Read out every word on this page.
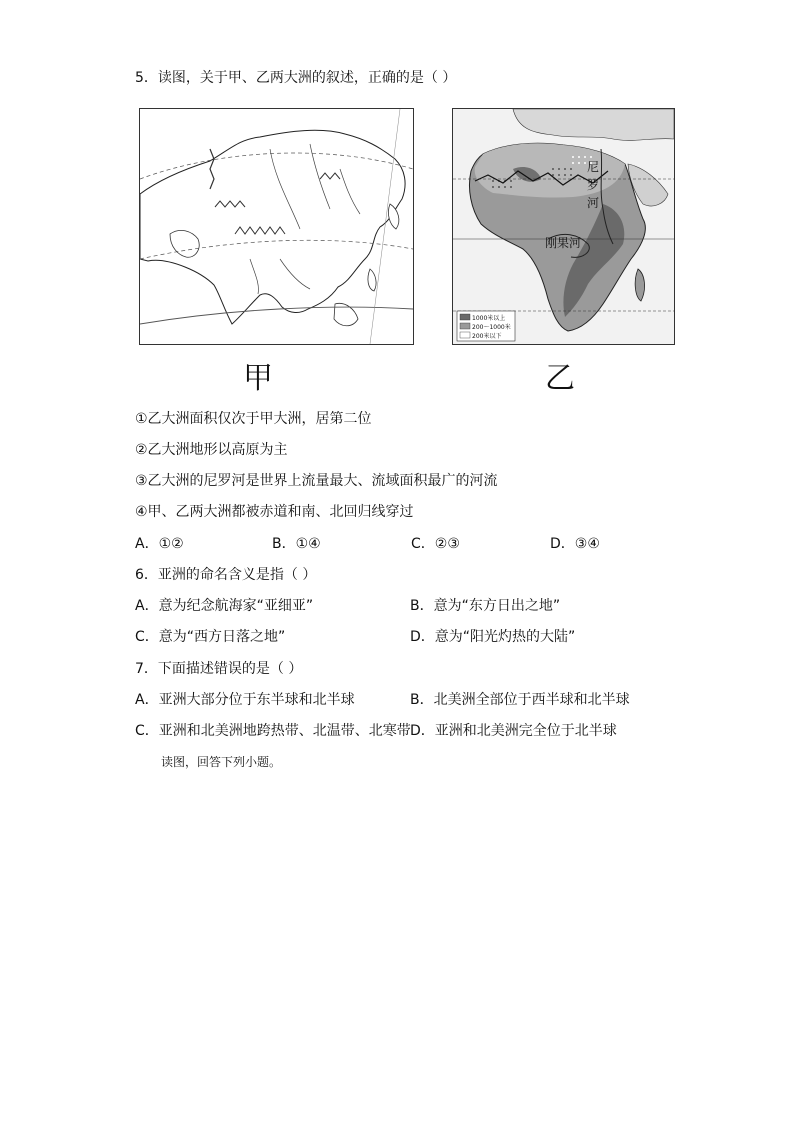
5．读图，关于甲、乙两大洲的叙述，正确的是（ ）
甲
尼
罗
河
刚果河
1000米以上
200～1000米
200米以下
乙
①乙大洲面积仅次于甲大洲，居第二位
②乙大洲地形以高原为主
③乙大洲的尼罗河是世界上流量最大、流域面积最广的河流
④甲、乙两大洲都被赤道和南、北回归线穿过
A．①②	B．①④	C．②③	D．③④
6．亚洲的命名含义是指（ ）
A．意为纪念航海家“亚细亚”	B．意为“东方日出之地”
C．意为“西方日落之地”	D．意为“阳光灼热的大陆”
7．下面描述错误的是（ ）
A．亚洲大部分位于东半球和北半球	B．北美洲全部位于西半球和北半球
C．亚洲和北美洲地跨热带、北温带、北寒带 D．亚洲和北美洲完全位于北半球
读图，回答下列小题。
